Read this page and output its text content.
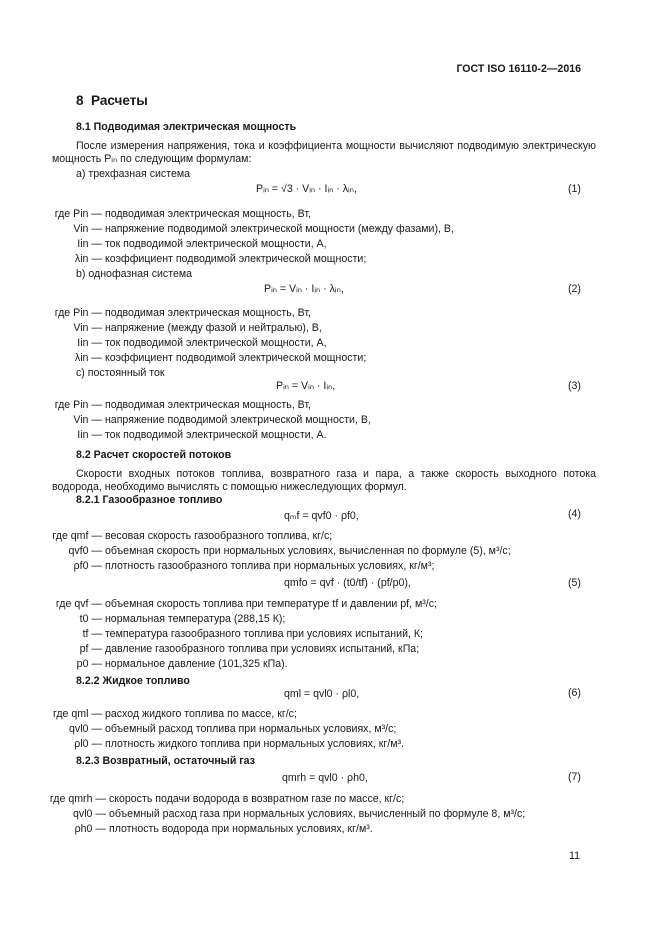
ГОСТ ISO 16110-2—2016
8 Расчеты
8.1 Подводимая электрическая мощность
После измерения напряжения, тока и коэффициента мощности вычисляют подводимую электрическую мощность Pᵢₙ по следующим формулам:
а) трехфазная система
Pᵢₙ = √3 · Vᵢₙ · Iᵢₙ · λᵢₙ,	(1)
где Pin — подводимая электрическая мощность, Вт,
Vin — напряжение подводимой электрической мощности (между фазами), В,
Iin — ток подводимой электрической мощности, А,
λin — коэффициент подводимой электрической мощности;
b) однофазная система
Pᵢₙ = Vᵢₙ · Iᵢₙ · λᵢₙ,	(2)
где Pin — подводимая электрическая мощность, Вт,
Vin — напряжение (между фазой и нейтралью), В,
Iin — ток подводимой электрической мощности, А,
λin — коэффициент подводимой электрической мощности;
c) постоянный ток
Pᵢₙ = Vᵢₙ · Iᵢₙ,	(3)
где Pin — подводимая электрическая мощность, Вт,
Vin — напряжение подводимой электрической мощности, В,
Iin — ток подводимой электрической мощности, А.
8.2 Расчет скоростей потоков
Скорости входных потоков топлива, возвратного газа и пара, а также скорость выходного потока водорода, необходимо вычислять с помощью нижеследующих формул.
8.2.1 Газообразное топливо
qₘf = qvf0 · ρf0,	(4)
где qmf — весовая скорость газообразного топлива, кг/с;
qvf0 — объемная скорость при нормальных условиях, вычисленная по формуле (5), м³/с;
ρf0 — плотность газообразного топлива при нормальных условиях, кг/м³;
qmfo = qvf · (t0/tf) · (pf/p0),	(5)
где qvf — объемная скорость топлива при температуре tf и давлении pf, м³/с;
t0 — нормальная температура (288,15 К);
tf — температура газообразного топлива при условиях испытаний, К;
pf — давление газообразного топлива при условиях испытаний, кПа;
p0 — нормальное давление (101,325 кПа).
8.2.2 Жидкое топливо
qml = qvl0 · ρl0,	(6)
где qml — расход жидкого топлива по массе, кг/с;
qvl0 — объемный расход топлива при нормальных условиях, м³/с;
ρl0 — плотность жидкого топлива при нормальных условиях, кг/м³.
8.2.3 Возвратный, остаточный газ
qmrh = qvl0 · ρh0,	(7)
где qmrh — скорость подачи водорода в возвратном газе по массе, кг/с;
qvl0 — объемный расход газа при нормальных условиях, вычисленный по формуле 8, м³/с;
ρh0 — плотность водорода при нормальных условиях, кг/м³.
11
